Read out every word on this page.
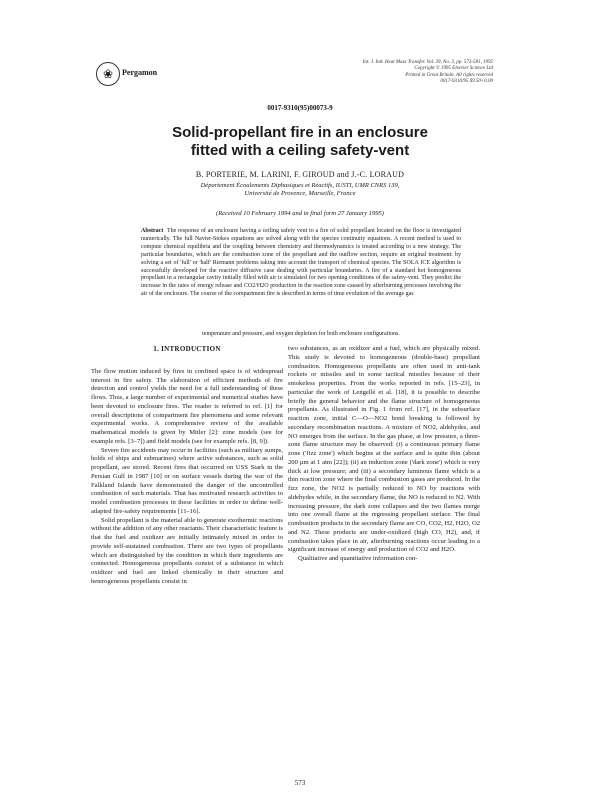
❀	Pergamon
Int. J. Intl. Heat Mass Transfer. Vol. 39, No. 3, pp. 573-581, 1995
Copyright © 1995 Elsevier Science Ltd
Printed in Great Britain. All rights reserved
0017-9310/95 $9.50+0.00
0017-9310(95)00073-9
Solid-propellant fire in an enclosure
fitted with a ceiling safety-vent
B. PORTERIE, M. LARINI, F. GIROUD and J.-C. LORAUD
Département Écoulements Diphasiques et Réactifs, IUSTI, UMR CNRS 139,
Université de Provence, Marseille, France
(Received 10 February 1994 and in final form 27 January 1995)
Abstract The response of an enclosure having a ceiling safety vent to a fire of solid propellant located on the floor is investigated numerically. The full Navier-Stokes equations are solved along with the species continuity equations. A recent method is used to compute chemical equilibria and the coupling between chemistry and thermodynamics is treated according to a new strategy. The particular boundaries, which are the combustion zone of the propellant and the outflow section, require an original treatment: by solving a set of 'full' or 'half' Riemann problems taking into account the transport of chemical species. The SOLA ICE algorithm is successfully developed for the reactive diffusive case dealing with particular boundaries. A fire of a standard hot homogeneous propellant in a rectangular cavity initially filled with air is simulated for two opening conditions of the safety-vent. They predict the increase in the rates of energy release and CO2/H2O production in the reaction zone caused by afterburning processes involving the air of the enclosure. The course of the compartment fire is described in terms of time evolution of the average gas
temperature and pressure, and oxygen depletion for both enclosure configurations.
1. INTRODUCTION

The flow motion induced by fires in confined space is of widespread interest in fire safety. The elaboration of efficient methods of fire detection and control yields the need for a full understanding of these flows. Thus, a large number of experimental and numerical studies have been devoted to enclosure fires. The reader is referred to ref. [1] for overall descriptions of compartment fire phenomena and some relevant experimental works. A comprehensive review of the available mathematical models is given by Mitler [2]: zone models (see for example refs. [3–7]) and field models (see for example refs. [8, 9]).

Severe fire accidents may occur in facilities (such as military sumps, holds of ships and submarines) where active substances, such as solid propellant, are stored. Recent fires that occurred on USS Stark in the Persian Gulf in 1987 [10] or on surface vessels during the war of the Falkland Islands have demonstrated the danger of the uncontrolled combustion of such materials. That has motivated research activities to model combustion processes in these facilities in order to define well-adapted fire-safety requirements [11–16].

Solid propellant is the material able to generate exothermic reactions without the addition of any other reactants. Their characteristic feature is that the fuel and oxidizer are initially intimately mixed in order to provide self-sustained combustion. There are two types of propellants which are distinguished by the condition in which their ingredients are connected. Homogeneous propellants consist of a substance in which oxidizer and fuel are linked chemically in their structure and heterogeneous propellants consist in

two substances, as an oxidizer and a fuel, which are physically mixed. This study is devoted to homogeneous (double-base) propellant combustion. Homogeneous propellants are often used in anti-tank rockets or missiles and in some tactical missiles because of their smokeless properties. From the works reported in refs. [15–23], in particular the work of Lengellé et al. [18], it is possible to describe briefly the general behavior and the flame structure of homogeneous propellants. As illustrated in Fig. 1 from ref. [17], in the subsurface reaction zone, initial C—O—NO2 bond breaking is followed by secondary recombination reactions. A mixture of NO2, aldehydes, and NO emerges from the surface. In the gas phase, at low pressure, a three-zone flame structure may be observed: (i) a continuous primary flame zone ('fizz zone') which begins at the surface and is quite thin (about 200 µm at 1 atm [22]); (ii) an induction zone ('dark zone') which is very thick at low pressure; and (iii) a secondary luminous flame which is a thin reaction zone where the final combustion gases are produced. In the fizz zone, the NO2 is partially reduced to NO by reactions with aldehydes while, in the secondary flame, the NO is reduced to N2. With increasing pressure, the dark zone collapses and the two flames merge into one overall flame at the regressing propellant surface. The final combustion products in the secondary flame are CO, CO2, H2, H2O, O2 and N2. These products are under-oxidized (high CO, H2), and, if combustion takes place in air, afterburning reactions occur leading to a significant increase of energy and production of CO2 and H2O.

Qualitative and quantitative information con-

573
